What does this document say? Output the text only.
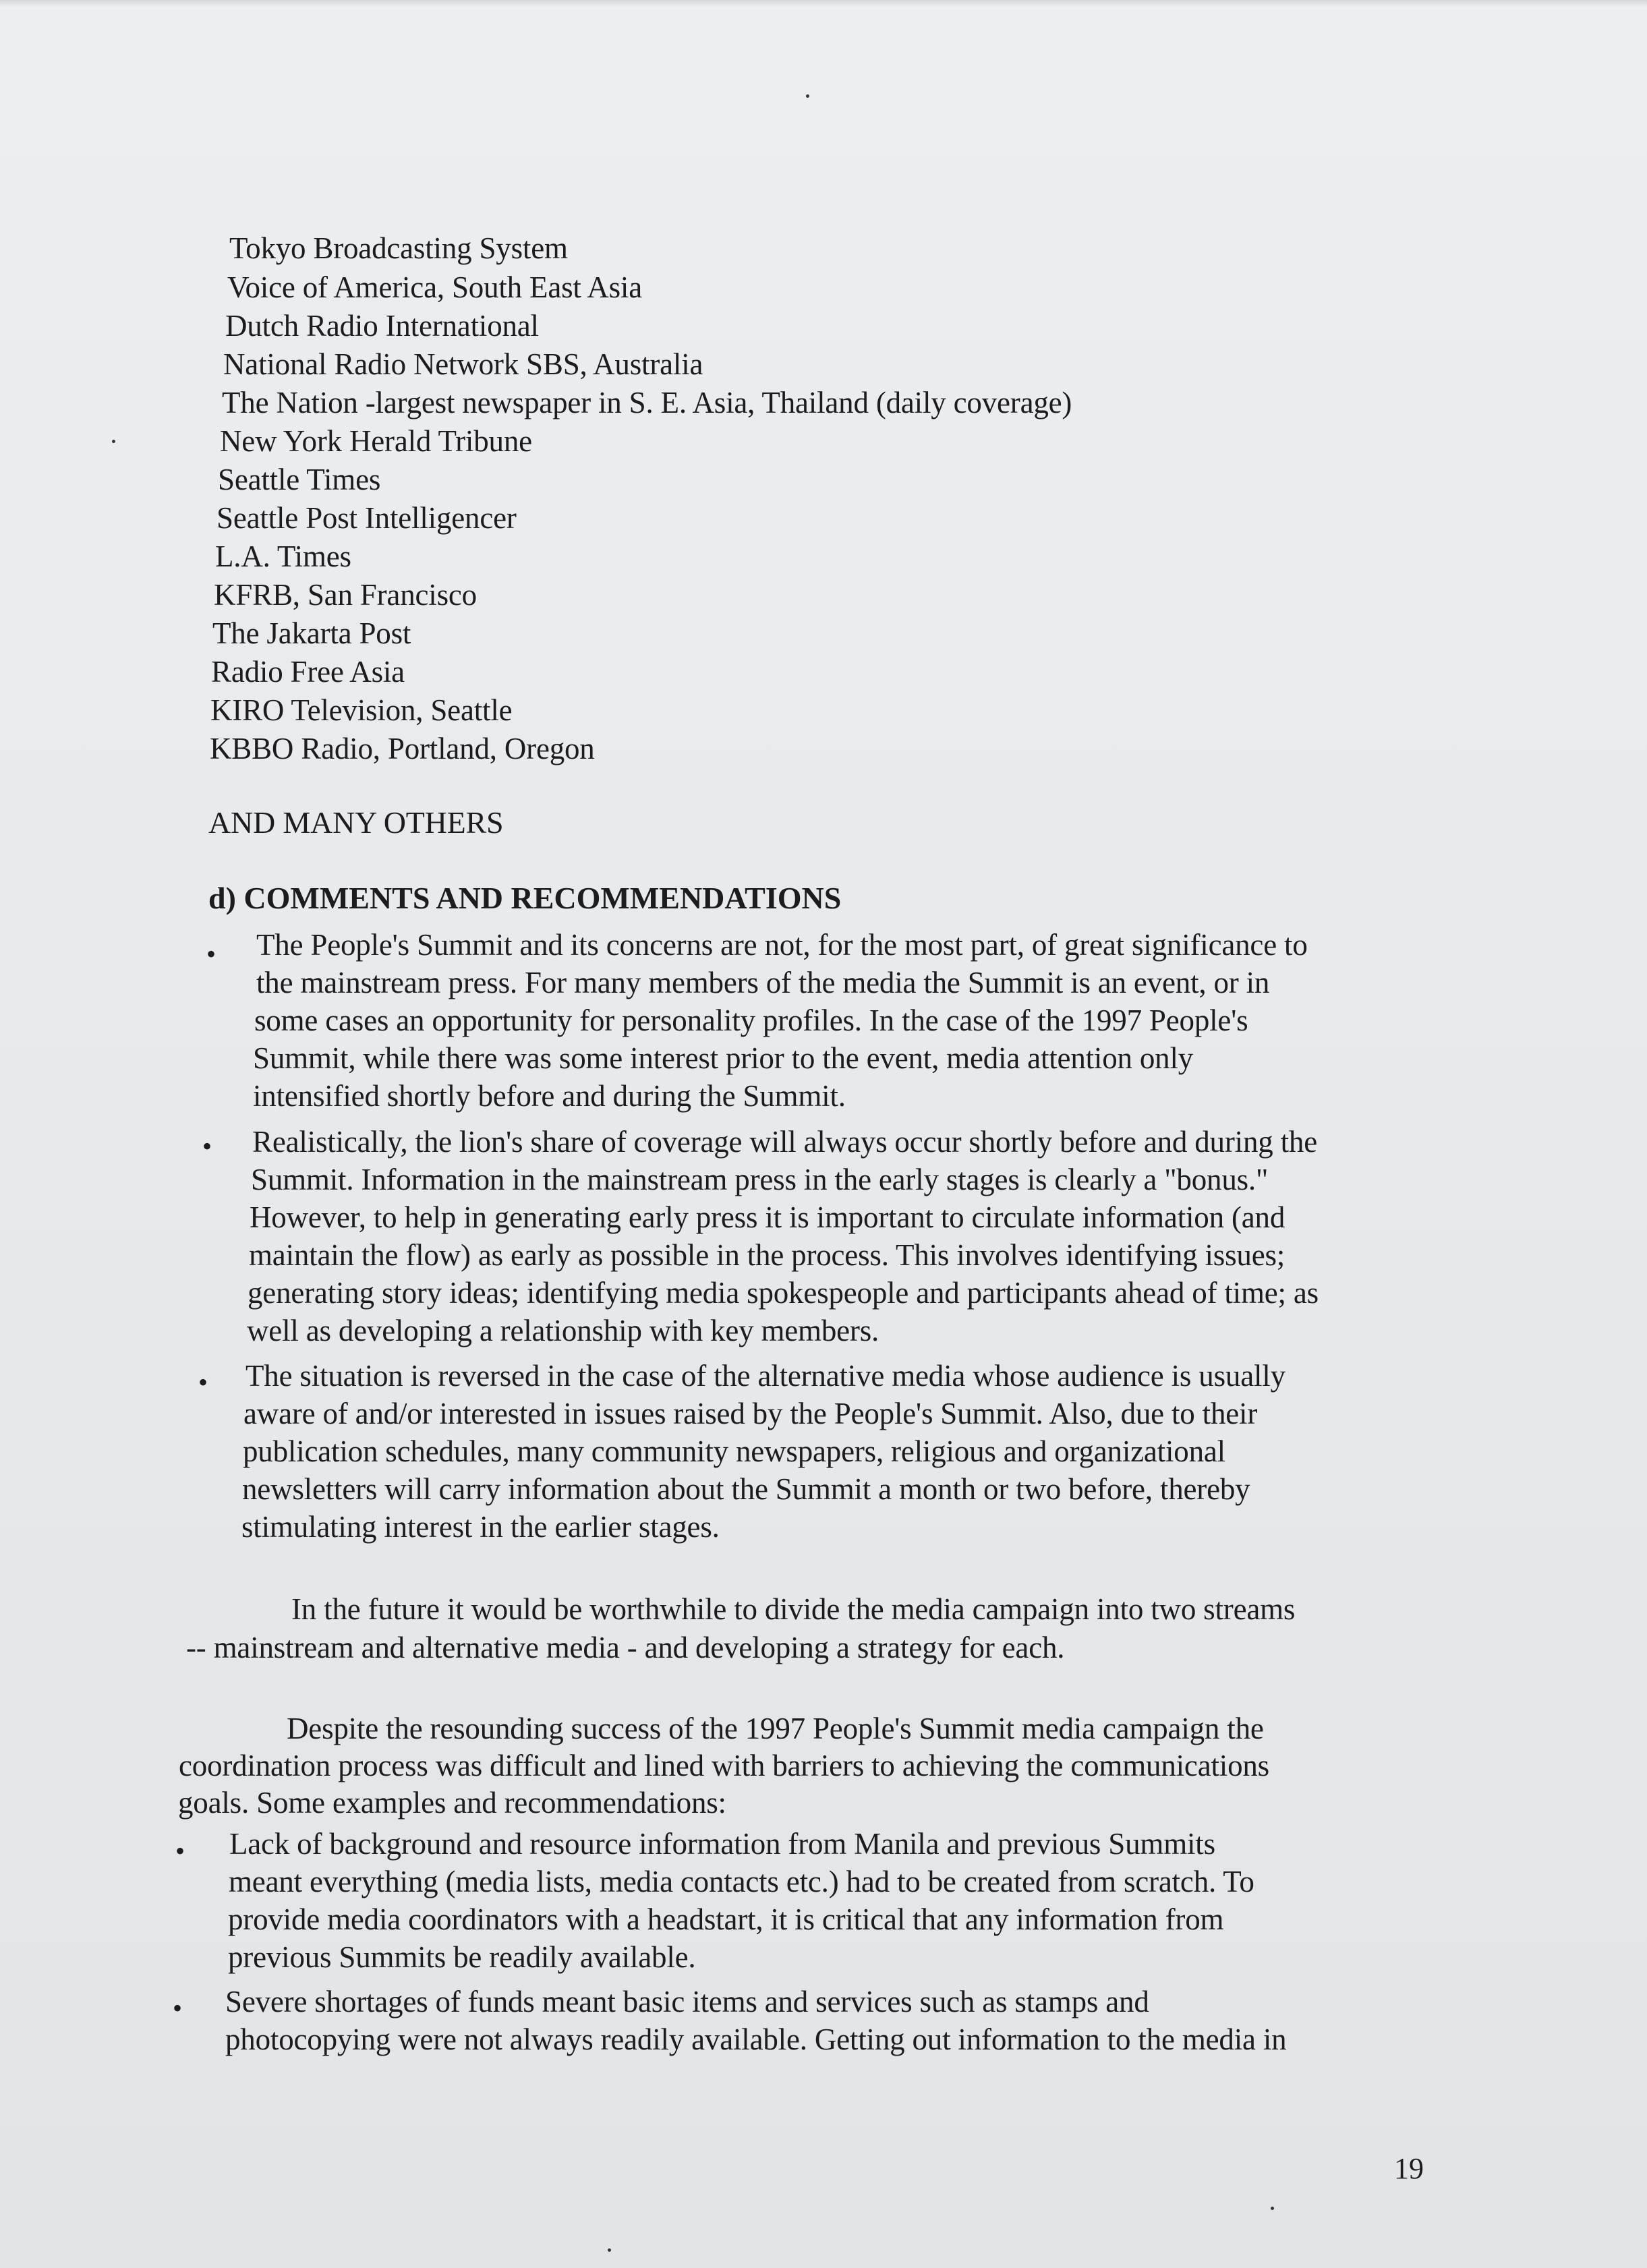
Tokyo Broadcasting System
Voice of America, South East Asia
Dutch Radio International
National Radio Network SBS, Australia
The Nation -largest newspaper in S. E. Asia, Thailand (daily coverage)
New York Herald Tribune
Seattle Times
Seattle Post Intelligencer
L.A. Times
KFRB, San Francisco
The Jakarta Post
Radio Free Asia
KIRO Television, Seattle
KBBO Radio, Portland, Oregon
AND MANY OTHERS
d) COMMENTS AND RECOMMENDATIONS
• The People's Summit and its concerns are not, for the most part, of great significance to
the mainstream press. For many members of the media the Summit is an event, or in
some cases an opportunity for personality profiles. In the case of the 1997 People's
Summit, while there was some interest prior to the event, media attention only
intensified shortly before and during the Summit.
• Realistically, the lion's share of coverage will always occur shortly before and during the
Summit. Information in the mainstream press in the early stages is clearly a "bonus."
However, to help in generating early press it is important to circulate information (and
maintain the flow) as early as possible in the process. This involves identifying issues;
generating story ideas; identifying media spokespeople and participants ahead of time; as
well as developing a relationship with key members.
• The situation is reversed in the case of the alternative media whose audience is usually
aware of and/or interested in issues raised by the People's Summit. Also, due to their
publication schedules, many community newspapers, religious and organizational
newsletters will carry information about the Summit a month or two before, thereby
stimulating interest in the earlier stages.
In the future it would be worthwhile to divide the media campaign into two streams
-- mainstream and alternative media - and developing a strategy for each.
Despite the resounding success of the 1997 People's Summit media campaign the
coordination process was difficult and lined with barriers to achieving the communications
goals. Some examples and recommendations:
• Lack of background and resource information from Manila and previous Summits
meant everything (media lists, media contacts etc.) had to be created from scratch. To
provide media coordinators with a headstart, it is critical that any information from
previous Summits be readily available.
• Severe shortages of funds meant basic items and services such as stamps and
photocopying were not always readily available. Getting out information to the media in
19
